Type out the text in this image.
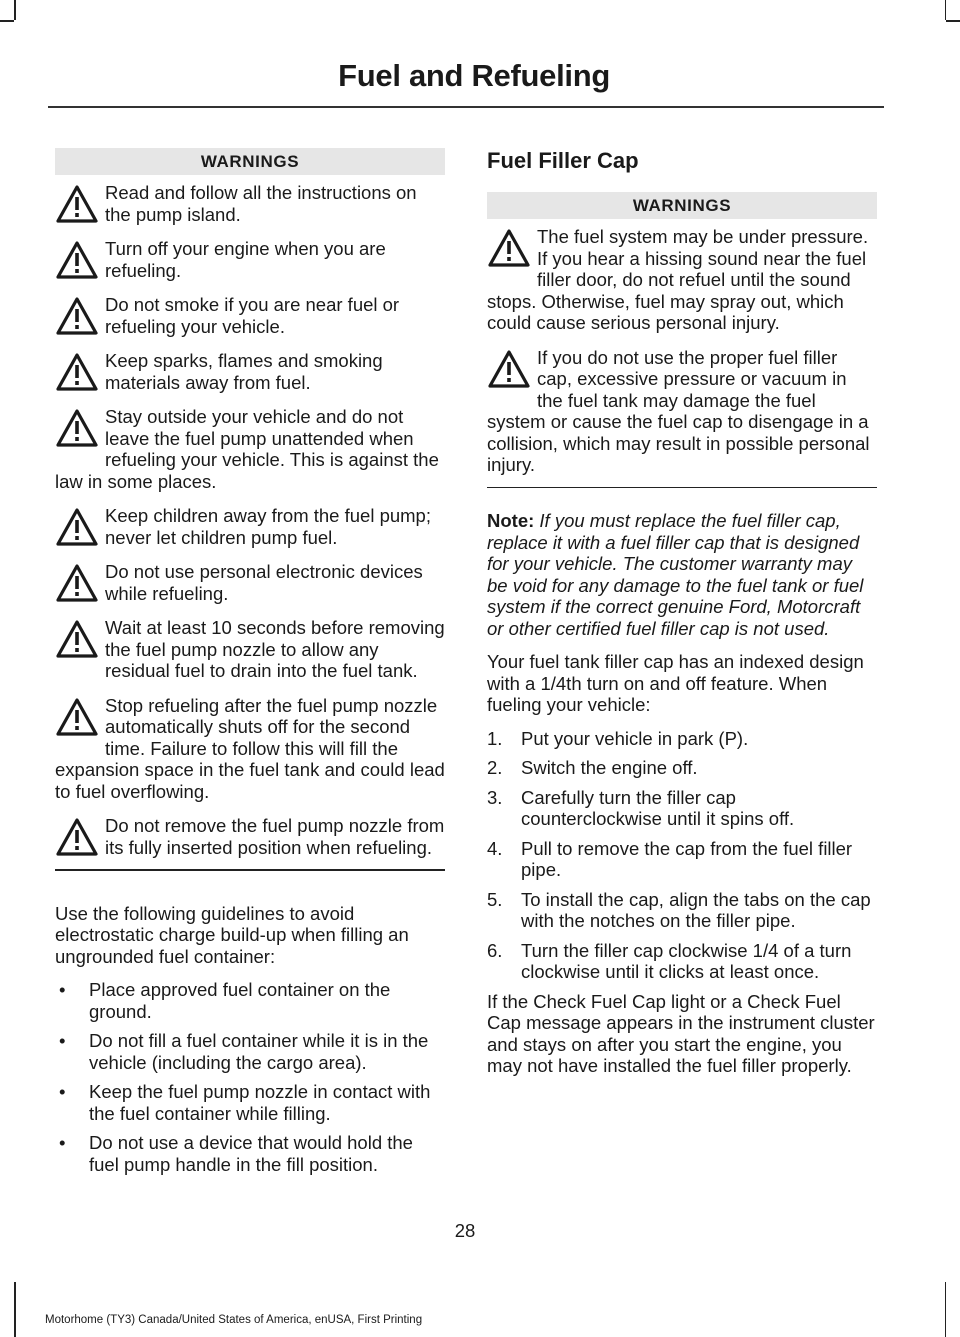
Fuel and Refueling
WARNINGS
Read and follow all the instructions on the pump island.
Turn off your engine when you are refueling.
Do not smoke if you are near fuel or refueling your vehicle.
Keep sparks, flames and smoking materials away from fuel.
Stay outside your vehicle and do not leave the fuel pump unattended when refueling your vehicle. This is against the law in some places.
Keep children away from the fuel pump; never let children pump fuel.
Do not use personal electronic devices while refueling.
Wait at least 10 seconds before removing the fuel pump nozzle to allow any residual fuel to drain into the fuel tank.
Stop refueling after the fuel pump nozzle automatically shuts off for the second time. Failure to follow this will fill the expansion space in the fuel tank and could lead to fuel overflowing.
Do not remove the fuel pump nozzle from its fully inserted position when refueling.

Use the following guidelines to avoid electrostatic charge build-up when filling an ungrounded fuel container:

• Place approved fuel container on the ground.
• Do not fill a fuel container while it is in the vehicle (including the cargo area).
• Keep the fuel pump nozzle in contact with the fuel container while filling.
• Do not use a device that would hold the fuel pump handle in the fill position.
Fuel Filler Cap
WARNINGS
The fuel system may be under pressure. If you hear a hissing sound near the fuel filler door, do not refuel until the sound stops. Otherwise, fuel may spray out, which could cause serious personal injury.
If you do not use the proper fuel filler cap, excessive pressure or vacuum in the fuel tank may damage the fuel system or cause the fuel cap to disengage in a collision, which may result in possible personal injury.

Note: If you must replace the fuel filler cap, replace it with a fuel filler cap that is designed for your vehicle. The customer warranty may be void for any damage to the fuel tank or fuel system if the correct genuine Ford, Motorcraft or other certified fuel filler cap is not used.

Your fuel tank filler cap has an indexed design with a 1/4th turn on and off feature. When fueling your vehicle:

1. Put your vehicle in park (P).
2. Switch the engine off.
3. Carefully turn the filler cap counterclockwise until it spins off.
4. Pull to remove the cap from the fuel filler pipe.
5. To install the cap, align the tabs on the cap with the notches on the filler pipe.
6. Turn the filler cap clockwise 1/4 of a turn clockwise until it clicks at least once.

If the Check Fuel Cap light or a Check Fuel Cap message appears in the instrument cluster and stays on after you start the engine, you may not have installed the fuel filler properly.

28
Motorhome (TY3) Canada/United States of America, enUSA, First Printing
